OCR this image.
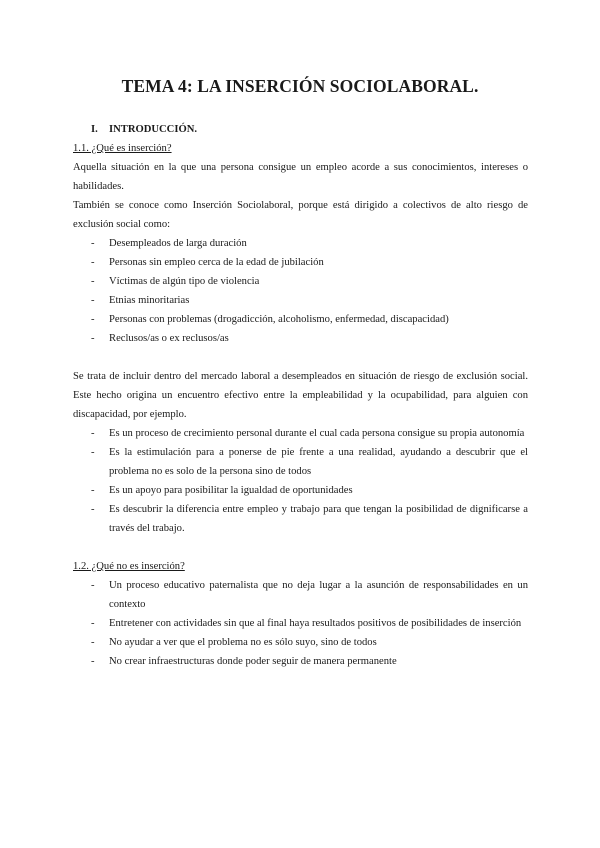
TEMA 4: LA INSERCIÓN SOCIOLABORAL.
I. INTRODUCCIÓN.
1.1. ¿Qué es inserción?

Aquella situación en la que una persona consigue un empleo acorde a sus conocimientos, intereses o habilidades.

También se conoce como Inserción Sociolaboral, porque está dirigido a colectivos de alto riesgo de exclusión social como:

- Desempleados de larga duración
- Personas sin empleo cerca de la edad de jubilación
- Víctimas de algún tipo de violencia
- Etnias minoritarias
- Personas con problemas (drogadicción, alcoholismo, enfermedad, discapacidad)
- Reclusos/as o ex reclusos/as

Se trata de incluir dentro del mercado laboral a desempleados en situación de riesgo de exclusión social. Este hecho origina un encuentro efectivo entre la empleabilidad y la ocupabilidad, para alguien con discapacidad, por ejemplo.

- Es un proceso de crecimiento personal durante el cual cada persona consigue su propia autonomía
- Es la estimulación para a ponerse de pie frente a una realidad, ayudando a descubrir que el problema no es solo de la persona sino de todos
- Es un apoyo para posibilitar la igualdad de oportunidades
- Es descubrir la diferencia entre empleo y trabajo para que tengan la posibilidad de dignificarse a través del trabajo.
1.2. ¿Qué no es inserción?
- Un proceso educativo paternalista que no deja lugar a la asunción de responsabilidades en un contexto
- Entretener con actividades sin que al final haya resultados positivos de posibilidades de inserción
- No ayudar a ver que el problema no es sólo suyo, sino de todos
- No crear infraestructuras donde poder seguir de manera permanente
